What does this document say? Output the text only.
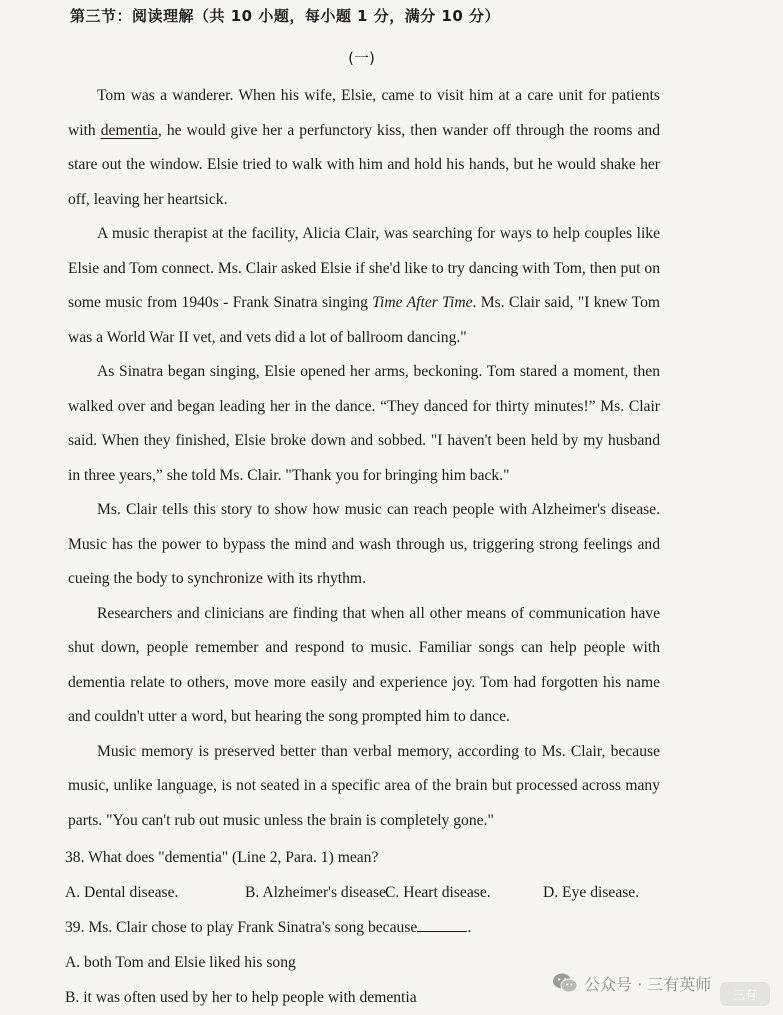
第三节：阅读理解（共 10 小题，每小题 1 分，满分 10 分）
(一)

Tom was a wanderer. When his wife, Elsie, came to visit him at a care unit for patients with dementia, he would give her a perfunctory kiss, then wander off through the rooms and stare out the window. Elsie tried to walk with him and hold his hands, but he would shake her off, leaving her heartsick.

A music therapist at the facility, Alicia Clair, was searching for ways to help couples like Elsie and Tom connect. Ms. Clair asked Elsie if she'd like to try dancing with Tom, then put on some music from 1940s - Frank Sinatra singing Time After Time. Ms. Clair said, "I knew Tom was a World War II vet, and vets did a lot of ballroom dancing."

As Sinatra began singing, Elsie opened her arms, beckoning. Tom stared a moment, then walked over and began leading her in the dance. “They danced for thirty minutes!” Ms. Clair said. When they finished, Elsie broke down and sobbed. "I haven't been held by my husband in three years,” she told Ms. Clair. "Thank you for bringing him back."

Ms. Clair tells this story to show how music can reach people with Alzheimer's disease. Music has the power to bypass the mind and wash through us, triggering strong feelings and cueing the body to synchronize with its rhythm.

Researchers and clinicians are finding that when all other means of communication have shut down, people remember and respond to music. Familiar songs can help people with dementia relate to others, move more easily and experience joy. Tom had forgotten his name and couldn't utter a word, but hearing the song prompted him to dance.

Music memory is preserved better than verbal memory, according to Ms. Clair, because music, unlike language, is not seated in a specific area of the brain but processed across many parts. "You can't rub out music unless the brain is completely gone."

38. What does "dementia" (Line 2, Para. 1) mean?
A. Dental disease.	B. Alzheimer's disease.
C. Heart disease.	D. Eye disease.
39. Ms. Clair chose to play Frank Sinatra's song because	.
A. both Tom and Elsie liked his song
B. it was often used by her to help people with dementia
公众号 · 三有英师
三有
